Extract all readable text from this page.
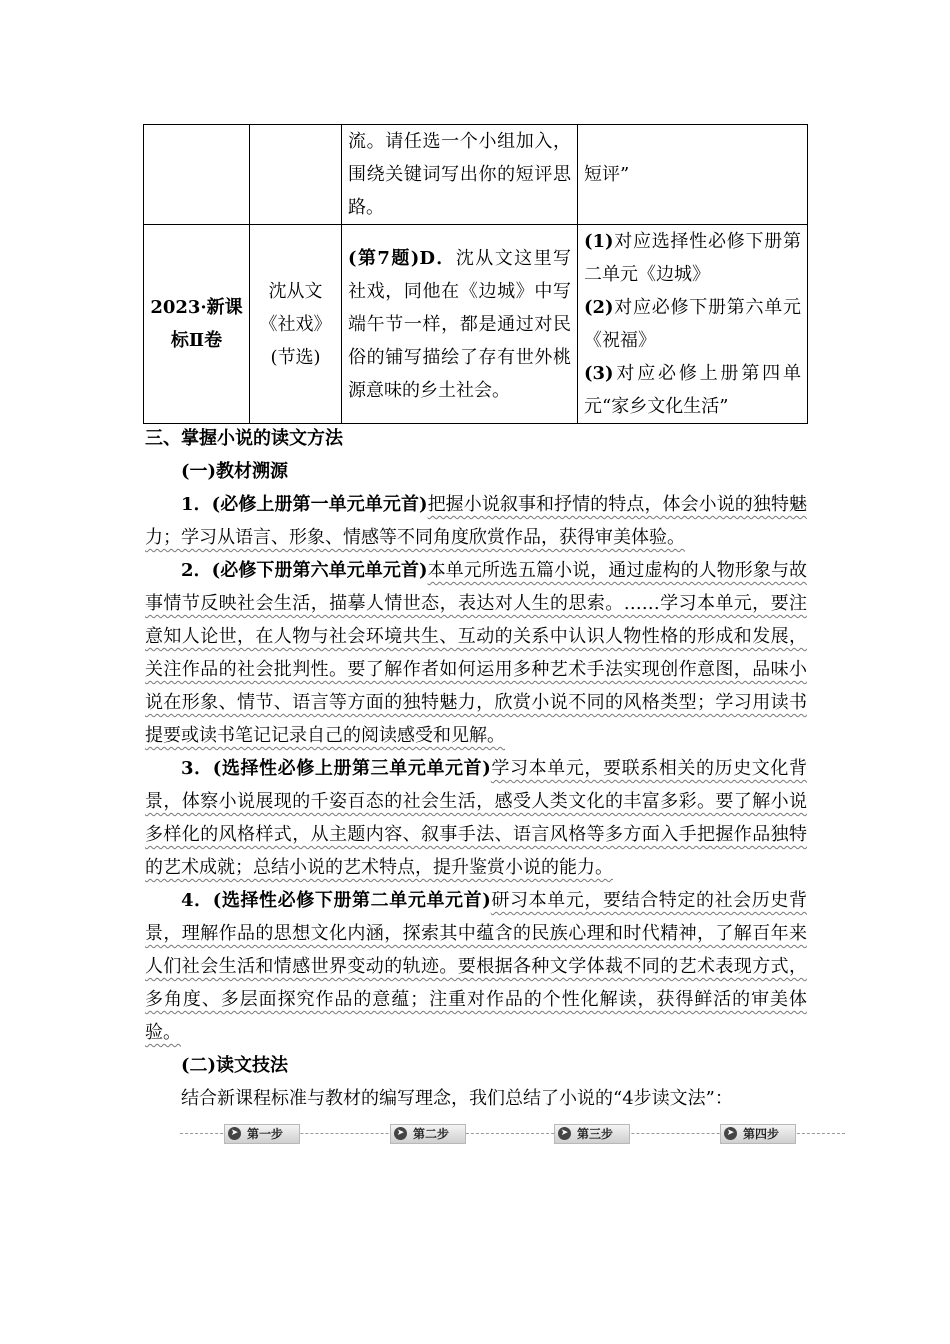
		流。请任选一个小组加入，围绕关键词写出你的短评思路。	短评”
2023·新课标Ⅱ卷	沈从文《社戏》(节选)	(第7题)D．沈从文这里写社戏，同他在《边城》中写端午节一样，都是通过对民俗的铺写描绘了存有世外桃源意味的乡土社会。	(1)对应选择性必修下册第二单元《边城》
(2)对应必修下册第六单元《祝福》
(3)对应必修上册第四单元“家乡文化生活”

三、掌握小说的读文方法

(一)教材溯源

1．(必修上册第一单元单元首)把握小说叙事和抒情的特点，体会小说的独特魅力；学习从语言、形象、情感等不同角度欣赏作品，获得审美体验。

2．(必修下册第六单元单元首)本单元所选五篇小说，通过虚构的人物形象与故事情节反映社会生活，描摹人情世态，表达对人生的思索。……学习本单元，要注意知人论世，在人物与社会环境共生、互动的关系中认识人物性格的形成和发展，关注作品的社会批判性。要了解作者如何运用多种艺术手法实现创作意图，品味小说在形象、情节、语言等方面的独特魅力，欣赏小说不同的风格类型；学习用读书提要或读书笔记记录自己的阅读感受和见解。

3．(选择性必修上册第三单元单元首)学习本单元，要联系相关的历史文化背景，体察小说展现的千姿百态的社会生活，感受人类文化的丰富多彩。要了解小说多样化的风格样式，从主题内容、叙事手法、语言风格等多方面入手把握作品独特的艺术成就；总结小说的艺术特点，提升鉴赏小说的能力。

4．(选择性必修下册第二单元单元首)研习本单元，要结合特定的社会历史背景，理解作品的思想文化内涵，探索其中蕴含的民族心理和时代精神，了解百年来人们社会生活和情感世界变动的轨迹。要根据各种文学体裁不同的艺术表现方式，多角度、多层面探究作品的意蕴；注重对作品的个性化解读，获得鲜活的审美体验。

(二)读文技法

结合新课程标准与教材的编写理念，我们总结了小说的“4步读文法”：

➤ 第一步	➤ 第二步	➤ 第三步	➤ 第四步
